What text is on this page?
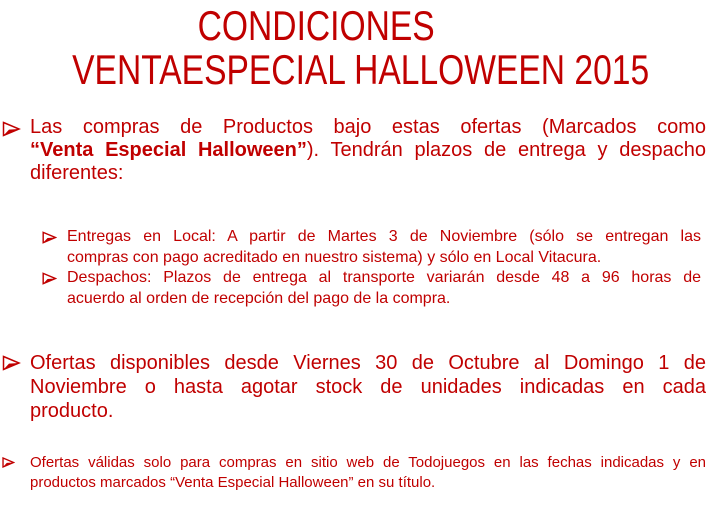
CONDICIONES
VENTAESPECIAL HALLOWEEN 2015
Las compras de Productos bajo estas ofertas (Marcados como
“Venta Especial Halloween”). Tendrán plazos de entrega y despacho
diferentes:
Entregas en Local: A partir de Martes 3 de Noviembre (sólo se entregan las
compras con pago acreditado en nuestro sistema) y sólo en Local Vitacura.
Despachos: Plazos de entrega al transporte variarán desde 48 a 96 horas de
acuerdo al orden de recepción del pago de la compra.
Ofertas disponibles desde Viernes 30 de Octubre al Domingo 1 de
Noviembre o hasta agotar stock de unidades indicadas en cada
producto.
Ofertas válidas solo para compras en sitio web de Todojuegos en las fechas indicadas y en
productos marcados “Venta Especial Halloween” en su título.
